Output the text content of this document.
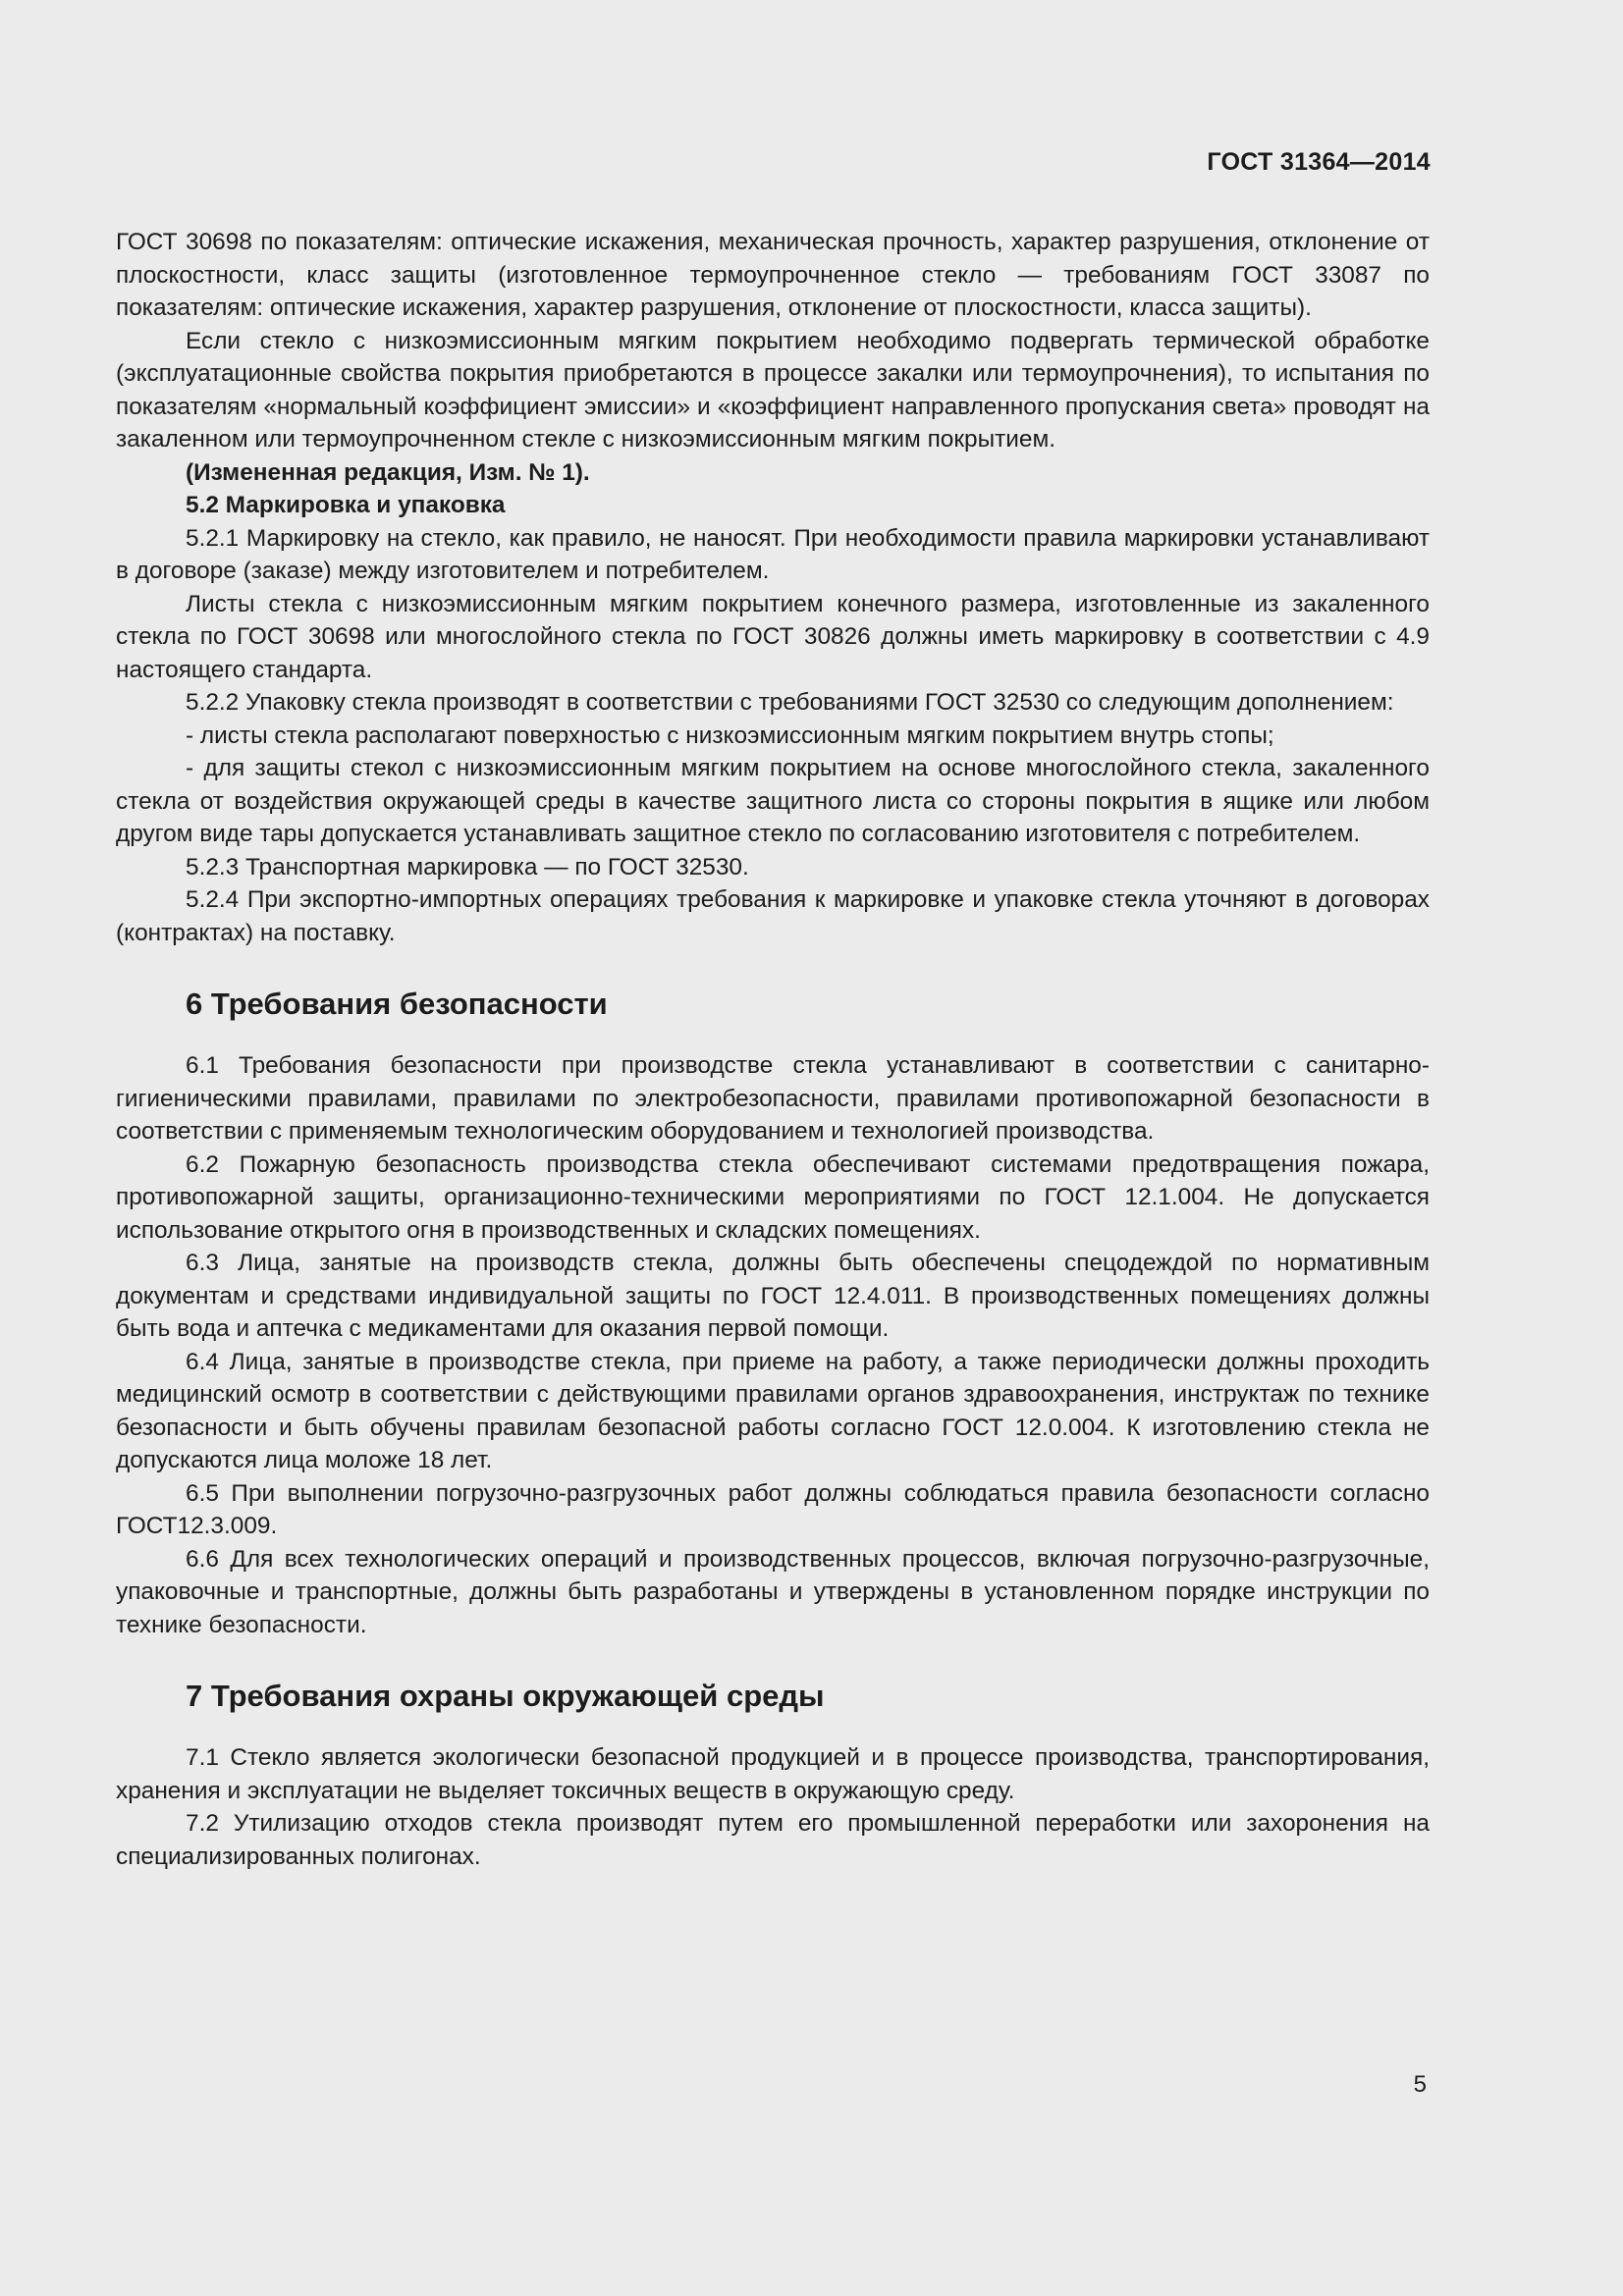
ГОСТ 31364—2014

ГОСТ 30698 по показателям: оптические искажения, механическая прочность, характер разрушения, отклонение от плоскостности, класс защиты (изготовленное термоупрочненное стекло — требованиям ГОСТ 33087 по показателям: оптические искажения, характер разрушения, отклонение от плоскостности, класса защиты).

Если стекло с низкоэмиссионным мягким покрытием необходимо подвергать термической обработке (эксплуатационные свойства покрытия приобретаются в процессе закалки или термоупрочнения), то испытания по показателям «нормальный коэффициент эмиссии» и «коэффициент направленного пропускания света» проводят на закаленном или термоупрочненном стекле с низкоэмиссионным мягким покрытием.

(Измененная редакция, Изм. № 1).

5.2 Маркировка и упаковка

5.2.1 Маркировку на стекло, как правило, не наносят. При необходимости правила маркировки устанавливают в договоре (заказе) между изготовителем и потребителем.

Листы стекла с низкоэмиссионным мягким покрытием конечного размера, изготовленные из закаленного стекла по ГОСТ 30698 или многослойного стекла по ГОСТ 30826 должны иметь маркировку в соответствии с 4.9 настоящего стандарта.

5.2.2 Упаковку стекла производят в соответствии с требованиями ГОСТ 32530 со следующим дополнением:

- листы стекла располагают поверхностью с низкоэмиссионным мягким покрытием внутрь стопы;

- для защиты стекол с низкоэмиссионным мягким покрытием на основе многослойного стекла, закаленного стекла от воздействия окружающей среды в качестве защитного листа со стороны покрытия в ящике или любом другом виде тары допускается устанавливать защитное стекло по согласованию изготовителя с потребителем.

5.2.3 Транспортная маркировка — по ГОСТ 32530.

5.2.4 При экспортно-импортных операциях требования к маркировке и упаковке стекла уточняют в договорах (контрактах) на поставку.

6 Требования безопасности

6.1 Требования безопасности при производстве стекла устанавливают в соответствии с санитарно-гигиеническими правилами, правилами по электробезопасности, правилами противопожарной безопасности в соответствии с применяемым технологическим оборудованием и технологией производства.

6.2 Пожарную безопасность производства стекла обеспечивают системами предотвращения пожара, противопожарной защиты, организационно-техническими мероприятиями по ГОСТ 12.1.004. Не допускается использование открытого огня в производственных и складских помещениях.

6.3 Лица, занятые на производств стекла, должны быть обеспечены спецодеждой по нормативным документам и средствами индивидуальной защиты по ГОСТ 12.4.011. В производственных помещениях должны быть вода и аптечка с медикаментами для оказания первой помощи.

6.4 Лица, занятые в производстве стекла, при приеме на работу, а также периодически должны проходить медицинский осмотр в соответствии с действующими правилами органов здравоохранения, инструктаж по технике безопасности и быть обучены правилам безопасной работы согласно ГОСТ 12.0.004. К изготовлению стекла не допускаются лица моложе 18 лет.

6.5 При выполнении погрузочно-разгрузочных работ должны соблюдаться правила безопасности согласно ГОСТ12.3.009.

6.6 Для всех технологических операций и производственных процессов, включая погрузочно-разгрузочные, упаковочные и транспортные, должны быть разработаны и утверждены в установленном порядке инструкции по технике безопасности.

7 Требования охраны окружающей среды

7.1 Стекло является экологически безопасной продукцией и в процессе производства, транспортирования, хранения и эксплуатации не выделяет токсичных веществ в окружающую среду.

7.2 Утилизацию отходов стекла производят путем его промышленной переработки или захоронения на специализированных полигонах.

5
